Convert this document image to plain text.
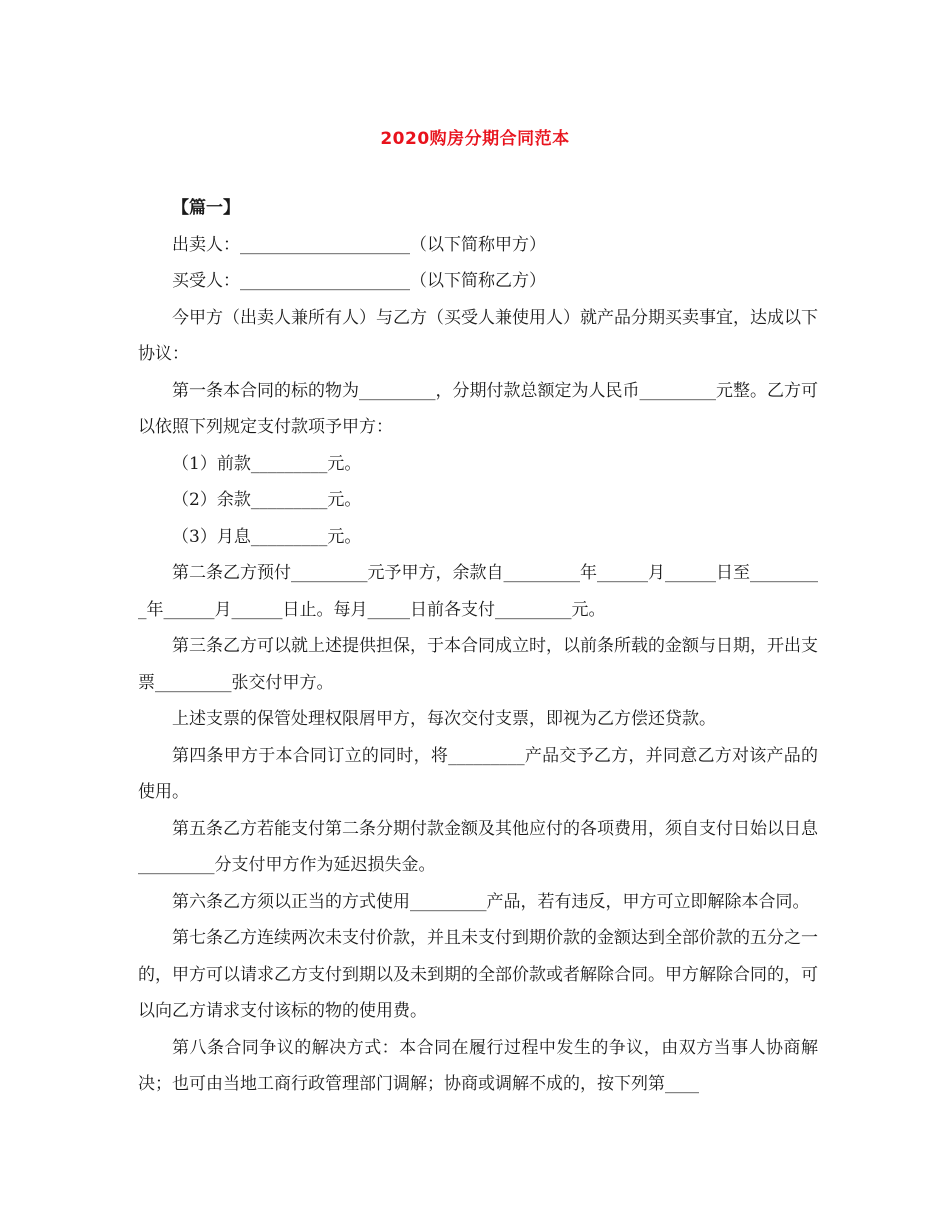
2020购房分期合同范本

【篇一】

出卖人：____________________（以下简称甲方）

买受人：____________________（以下简称乙方）

今甲方（出卖人兼所有人）与乙方（买受人兼使用人）就产品分期买卖事宜，达成以下协议：

第一条本合同的标的物为_________，分期付款总额定为人民币_________元整。乙方可以依照下列规定支付款项予甲方：

（1）前款_________元。

（2）余款_________元。

（3）月息_________元。

第二条乙方预付_________元予甲方，余款自_________年______月______日至_________年______月______日止。每月_____日前各支付_________元。

第三条乙方可以就上述提供担保，于本合同成立时，以前条所载的金额与日期，开出支票_________张交付甲方。

上述支票的保管处理权限屑甲方，每次交付支票，即视为乙方偿还贷款。

第四条甲方于本合同订立的同时，将_________产品交予乙方，并同意乙方对该产品的使用。

第五条乙方若能支付第二条分期付款金额及其他应付的各项费用，须自支付日始以日息_________分支付甲方作为延迟损失金。

第六条乙方须以正当的方式使用_________产品，若有违反，甲方可立即解除本合同。

第七条乙方连续两次未支付价款，并且未支付到期价款的金额达到全部价款的五分之一的，甲方可以请求乙方支付到期以及未到期的全部价款或者解除合同。甲方解除合同的，可以向乙方请求支付该标的物的使用费。

第八条合同争议的解决方式：本合同在履行过程中发生的争议，由双方当事人协商解决；也可由当地工商行政管理部门调解；协商或调解不成的，按下列第____
